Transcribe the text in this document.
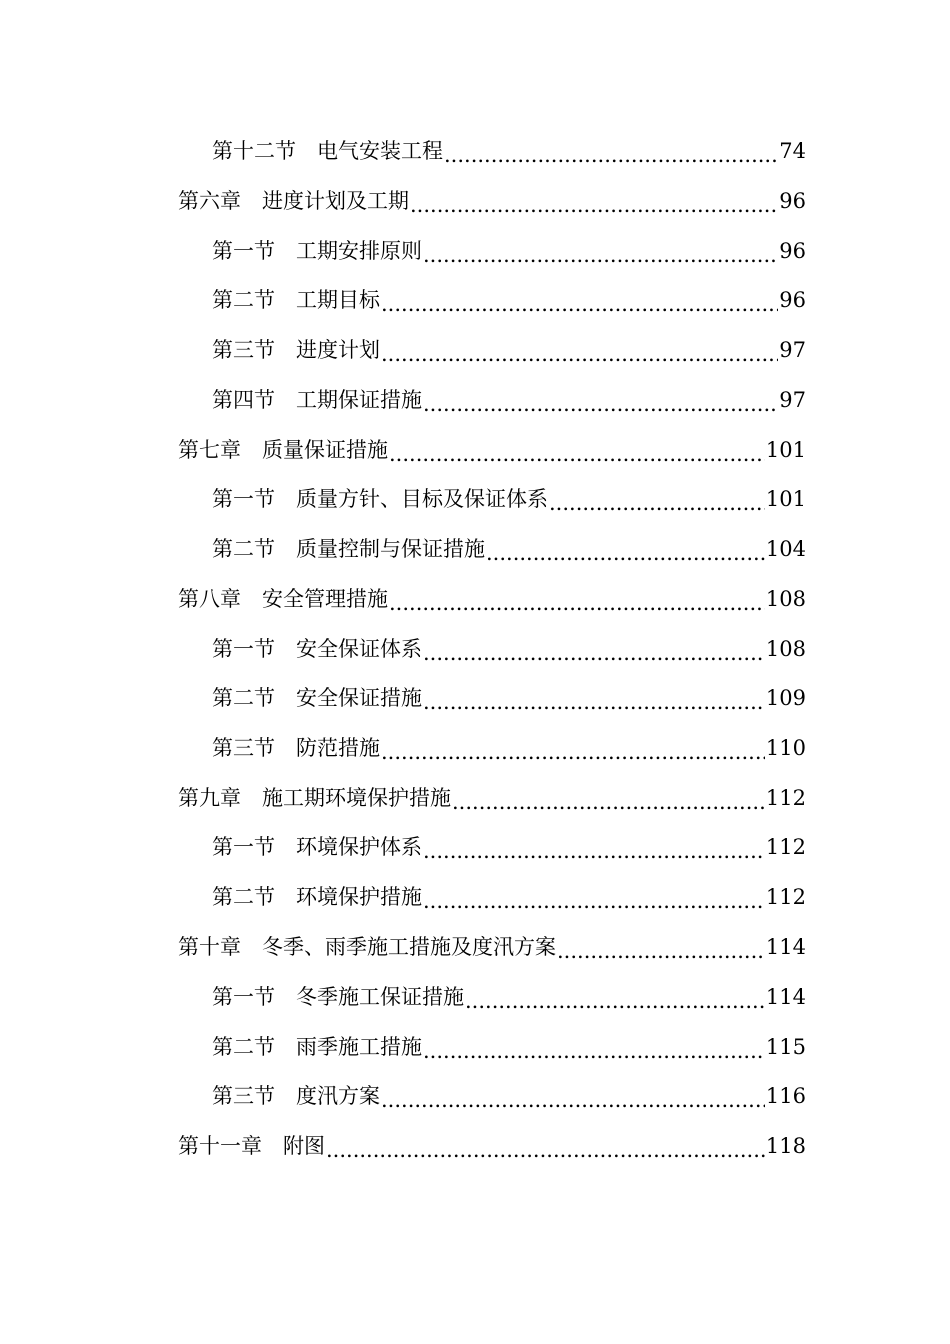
第十二节　电气安装工程 .....	74
第六章　进度计划及工期 .....	96
第一节　工期安排原则 .....	96
第二节　工期目标 .....	96
第三节　进度计划 .....	97
第四节　工期保证措施 .....	97
第七章　质量保证措施 .....	101
第一节　质量方针、目标及保证体系 .....	101
第二节　质量控制与保证措施 .....	104
第八章　安全管理措施 .....	108
第一节　安全保证体系 .....	108
第二节　安全保证措施 .....	109
第三节　防范措施 .....	110
第九章　施工期环境保护措施 .....	112
第一节　环境保护体系 .....	112
第二节　环境保护措施 .....	112
第十章　冬季、雨季施工措施及度汛方案 .....	114
第一节　冬季施工保证措施 .....	114
第二节　雨季施工措施 .....	115
第三节　度汛方案 .....	116
第十一章　附图 .....	118
